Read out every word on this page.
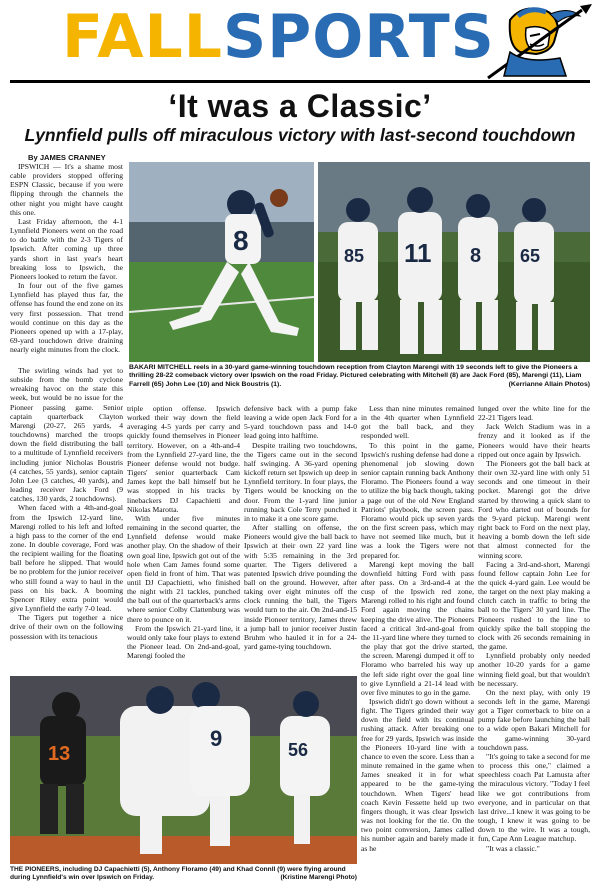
FALLSPORTS
‘It was a Classic’
Lynnfield pulls off miraculous victory with last-second touchdown
By JAMES CRANNEY

IPSWICH — It's a shame most cable providers stopped offering ESPN Classic, because if you were flipping through the channels the other night you might have caught this one.

Last Friday afternoon, the 4-1 Lynnfield Pioneers went on the road to do battle with the 2-3 Tigers of Ipswich. After coming up three yards short in last year's heart breaking loss to Ipswich, the Pioneers looked to return the favor.

In four out of the five games Lynnfield has played thus far, the offense has found the end zone on its very first possession. That trend would continue on this day as the Pioneers opened up with a 17-play, 69-yard touchdown drive draining nearly eight minutes from the clock.

8	85 11 8 65
BAKARI MITCHELL reels in a 30-yard game-winning touchdown reception from Clayton Marengi with 19 seconds left to give the Pioneers a thrilling 28-22 comeback victory over Ipswich on the road Friday. Pictured celebrating with Mitchell (8) are Jack Ford (85), Marengi (11), Liam Farrell (65) John Lee (10) and Nick Boustris (1).	(Kerrianne Allain Photos)

The swirling winds had yet to subside from the bomb cyclone wreaking havoc on the state this week, but would be no issue for the Pioneer passing game. Senior captain quarterback Clayton Marengi (20-27, 265 yards, 4 touchdowns) marched the troops down the field distributing the ball to a multitude of Lynnfield receivers including junior Nicholas Boustris (4 catches, 55 yards), senior captain John Lee (3 catches, 40 yards), and leading receiver Jack Ford (9 catches, 130 yards, 2 touchdowns).

When faced with a 4th-and-goal from the Ipswich 12-yard line, Marengi rolled to his left and lofted a high pass to the corner of the end zone. In double coverage, Ford was the recipient wailing for the floating ball before he slipped. That would be no problem for the junior receiver who still found a way to haul in the pass on his back. A booming Spencer Riley extra point would give Lynnfield the early 7-0 lead.

The Tigers put together a nice drive of their own on the following possession with its tenacious

triple option offense. Ipswich worked their way down the field averaging 4-5 yards per carry and quickly found themselves in Pioneer territory. However, on a 4th-and-4 from the Lynnfield 27-yard line, the Pioneer defense would not budge. Tigers' senior quarterback Cam James kept the ball himself but he was stopped in his tracks by linebackers DJ Capachietti and Nikolas Marotta.

With under five minutes remaining in the second quarter, the Lynnfield defense would make another play. On the shadow of their own goal line, Ipswich got out of the hole when Cam James found some open field in front of him. That was until DJ Capachietti, who finished the night with 21 tackles, punched the ball out of the quarterback's arms where senior Colby Clattenburg was there to pounce on it.

From the Ipswich 21-yard line, it would only take four plays to extend the Pioneer lead. On 2nd-and-goal, Marengi fooled the

defensive back with a pump fake leaving a wide open Jack Ford for a 5-yard touchdown pass and 14-0 lead going into halftime.

Despite trailing two touchdowns, the Tigers came out in the second half swinging. A 36-yard opening kickoff return set Ipswich up deep in Lynnfield territory. In four plays, the Tigers would be knocking on the door. From the 1-yard line junior running back Cole Terry punched it in to make it a one score game.

After stalling on offense, the Pioneers would give the ball back to Ipswich at their own 22 yard line with 5:35 remaining in the 3rd quarter. The Tigers delivered a patented Ipswich drive pounding the ball on the ground. However, after taking over eight minutes off the clock running the ball, the Tigers would turn to the air. On 2nd-and-15 inside Pioneer territory, James threw a jump ball to junior receiver Justin Bruhm who hauled it in for a 24-yard game-tying touchdown.

Less than nine minutes remained in the 4th quarter when Lynnfield got the ball back, and they responded well.

To this point in the game, Ipswich's rushing defense had done a phenomenal job slowing down senior captain running back Anthony Floramo. The Pioneers found a way to utilize the big back though, taking a page out of the old New England Patriots' playbook, the screen pass. Floramo would pick up seven yards on the first screen pass, which may have not seemed like much, but it was a look the Tigers were not prepared for.

Marengi kept moving the ball downfield hitting Ford with pass after pass. On a 3rd-and-4 at the cusp of the Ipswich red zone, Marengi rolled to his right and found Ford again moving the chains keeping the drive alive. The Pioneers faced a critical 3rd-and-goal from the 11-yard line where they turned to the play that got the drive started, the screen. Marengi dumped it off to Floramo who barreled his way up the left side right over the goal line to give Lynnfield a 21-14 lead with over five minutes to go in the game.

Ipswich didn't go down without a fight. The Tigers grinded their way down the field with its continual rushing attack. After breaking one free for 29 yards, Ipswich was inside the Pioneers 10-yard line with a chance to even the score. Less than a minute remained in the game when James sneaked it in for what appeared to be the game-tying touchdown. When Tigers' head coach Kevin Fessette held up two fingers though, it was clear Ipswich was not looking for the tie. On the two point conversion, James called his number again and barely made it as he

lunged over the white line for the 22-21 Tigers lead.

Jack Welch Stadium was in a frenzy and it looked as if the Pioneers would have their hearts ripped out once again by Ipswich.

The Pioneers got the ball back at their own 32-yard line with only 51 seconds and one timeout in their pocket. Marengi got the drive started by throwing a quick slant to Ford who darted out of bounds for the 9-yard pickup. Marengi went right back to Ford on the next play, heaving a bomb down the left side that almost connected for the winning score.

Facing a 3rd-and-short, Marengi found fellow captain John Lee for the quick 4-yard gain. Lee would be the target on the next play making a clutch catch in traffic to bring the ball to the Tigers' 30 yard line. The Pioneers rushed to the line to quickly spike the ball stopping the clock with 26 seconds remaining in the game.

Lynnfield probably only needed another 10-20 yards for a game winning field goal, but that wouldn't be necessary.

On the next play, with only 19 seconds left in the game, Marengi got a Tiger cornerback to bite on a pump fake before launching the ball to a wide open Bakari Mitchell for the game-winning 30-yard touchdown pass.

"It's going to take a second for me to process this one," claimed a speechless coach Pat Lamusta after the miraculous victory. "Today I feel like we got contributions from everyone, and in particular on that last drive...I knew it was going to be tough, I knew it was going to be down to the wire. It was a tough, fun, Cape Ann League matchup.

"It was a classic."

13
9	56
THE PIONEERS, including DJ Capachietti (5), Anthony Floramo (49) and Khad Connll (9) were flying around during Lynnfield's win over Ipswich on Friday.	(Kristine Marengi Photo)
